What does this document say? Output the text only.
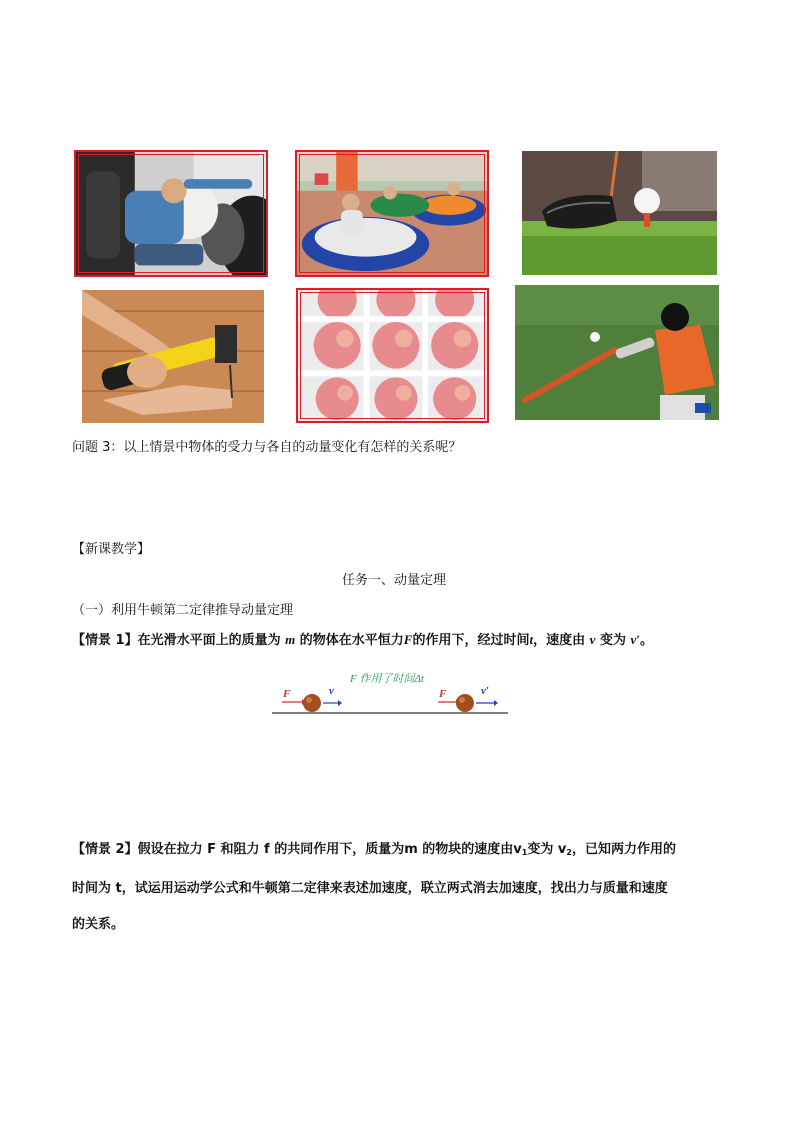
问题 3：以上情景中物体的受力与各自的动量变化有怎样的关系呢？
【新课教学】
任务一、动量定理
（一）利用牛顿第二定律推导动量定理
【情景 1】在光滑水平面上的质量为 m 的物体在水平恒力F的作用下，经过时间t，速度由 v 变为 v′。
F 作用了时间Δt
F	v	F	v′
【情景 2】假设在拉力 F 和阻力 f 的共同作用下，质量为m 的物块的速度由$v_1$变为 $v_2$，已知两力作用的
时间为 t，试运用运动学公式和牛顿第二定律来表述加速度，联立两式消去加速度，找出力与质量和速度
的关系。
